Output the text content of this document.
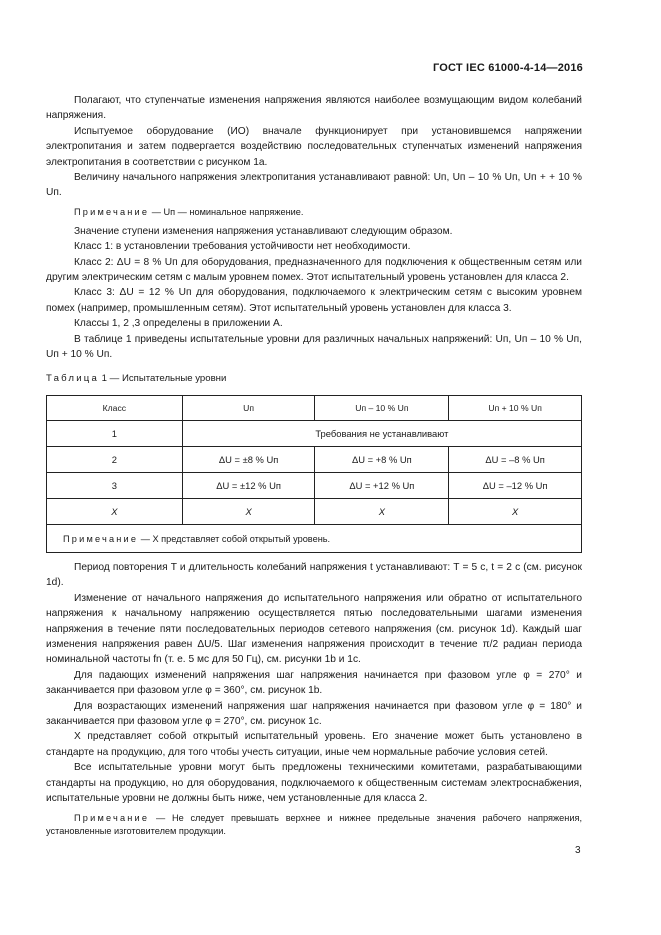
ГОСТ IEC 61000-4-14—2016

Полагают, что ступенчатые изменения напряжения являются наиболее возмущающим видом колебаний напряжения.

Испытуемое оборудование (ИО) вначале функционирует при установившемся напряжении электропитания и затем подвергается воздействию последовательных ступенчатых изменений напряжения электропитания в соответствии с рисунком 1а.

Величину начального напряжения электропитания устанавливают равной: Uп, Uп – 10 % Uп, Uп + + 10 % Uп.

Примечание — Uп — номинальное напряжение.

Значение ступени изменения напряжения устанавливают следующим образом.

Класс 1: в установлении требования устойчивости нет необходимости.

Класс 2: ΔU = 8 % Uп для оборудования, предназначенного для подключения к общественным сетям или другим электрическим сетям с малым уровнем помех. Этот испытательный уровень установлен для класса 2.

Класс 3: ΔU = 12 % Uп для оборудования, подключаемого к электрическим сетям с высоким уровнем помех (например, промышленным сетям). Этот испытательный уровень установлен для класса 3.

Классы 1, 2 ,3 определены в приложении А.

В таблице 1 приведены испытательные уровни для различных начальных напряжений: Uп, Uп – 10 % Uп, Uп + 10 % Uп.

Таблица 1 — Испытательные уровни
Класс	Uп	Uп – 10 % Uп	Uп + 10 % Uп
1	Требования не устанавливают		
2	ΔU = ±8 % Uп	ΔU = +8 % Uп	ΔU = –8 % Uп
3	ΔU = ±12 % Uп	ΔU = +12 % Uп	ΔU = –12 % Uп
X	X	X	X
Примечание — X представляет собой открытый уровень.			

Период повторения T и длительность колебаний напряжения t устанавливают: T = 5 с, t = 2 с (см. рисунок 1d).

Изменение от начального напряжения до испытательного напряжения или обратно от испытательного напряжения к начальному напряжению осуществляется пятью последовательными шагами изменения напряжения в течение пяти последовательных периодов сетевого напряжения (см. рисунок 1d). Каждый шаг изменения напряжения равен ΔU/5. Шаг изменения напряжения происходит в течение π/2 радиан периода номинальной частоты fn (т. е. 5 мс для 50 Гц), см. рисунки 1b и 1c.

Для падающих изменений напряжения шаг напряжения начинается при фазовом угле φ = 270° и заканчивается при фазовом угле φ = 360°, см. рисунок 1b.

Для возрастающих изменений напряжения шаг напряжения начинается при фазовом угле φ = 180° и заканчивается при фазовом угле φ = 270°, см. рисунок 1c.

X представляет собой открытый испытательный уровень. Его значение может быть установлено в стандарте на продукцию, для того чтобы учесть ситуации, иные чем нормальные рабочие условия сетей.

Все испытательные уровни могут быть предложены техническими комитетами, разрабатывающими стандарты на продукцию, но для оборудования, подключаемого к общественным системам электроснабжения, испытательные уровни не должны быть ниже, чем установленные для класса 2.

Примечание — Не следует превышать верхнее и нижнее предельные значения рабочего напряжения, установленные изготовителем продукции.

3
